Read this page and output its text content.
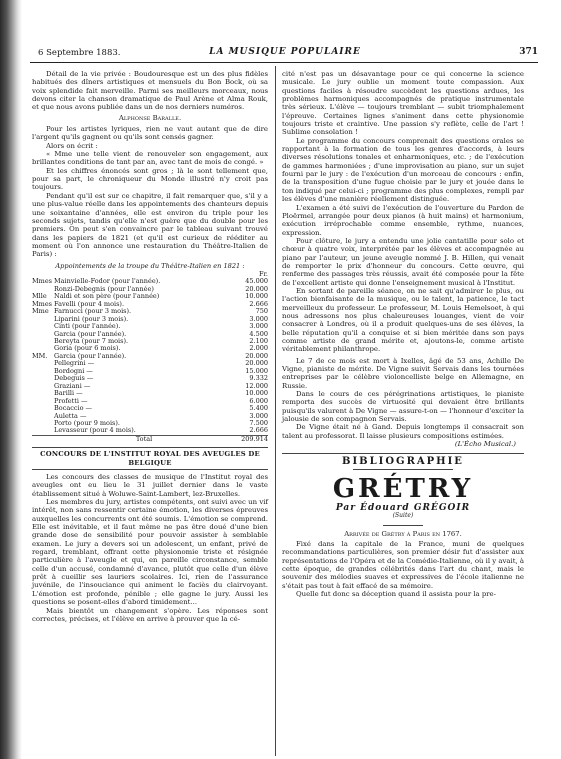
6 Septembre 1883.	LA MUSIQUE POPULAIRE	371

Détail de la vie privée : Boudouresque est un des plus fidèles habitués des dîners artistiques et mensuels du Bon Bock, où sa voix splendide fait merveille. Parmi ses meilleurs morceaux, nous devons citer la chanson dramatique de Paul Arène et Alma Rouk, et que nous avons publiée dans un de nos derniers numéros.

Alphonse Baralle.

Pour les artistes lyriques, rien ne vaut autant que de dire l'argent qu'ils gagnent ou qu'ils sont censés gagner.

Alors on écrit :

« Mme une telle vient de renouveler son engagement, aux brillantes conditions de tant par an, avec tant de mois de congé. »

Et les chiffres énoncés sont gros ; là le sont tellement que, pour sa part, le chroniqueur du Monde illustré n'y croit pas toujours.

Pendant qu'il est sur ce chapitre, il fait remarquer que, s'il y a une plus-value réelle dans les appointements des chanteurs depuis une soixantaine d'années, elle est environ du triple pour les seconds sujets, tandis qu'elle n'est guère que du double pour les premiers. On peut s'en convaincre par le tableau suivant trouvé dans les papiers de 1821 (et qu'il est curieux de rééditer au moment où l'on annonce une restauration du Théâtre-Italien de Paris) :

Appointements de la troupe du Théâtre-Italien en 1821 :

		Fr.
Mmes	Mainvielle-Fodor (pour l'année).	45.000
	Ronzi-Debegnis (pour l'année)	20.000
Mlle	Naldi et son père (pour l'année)	10.000
Mmes	Favelli (pour 4 mois).	2.666
Mme	Farnucci (pour 3 mois).	750
	Liparini (pour 3 mois).	3.000
	Cinti (pour l'année).	3.000
	Garcia (pour l'année).	4.500
	Bereyta (pour 7 mois).	2.100
	Goria (pour 6 mois).	2.000
MM.	Garcia (pour l'année).	20.000
	Pellegrini —	20.000
	Bordogni —	15.000
	Debeguis —	9.332
	Graziani —	12.000
	Barilli —	10.000
	Profetti —	6.000
	Bocaccio —	5.400
	Auletta —	3.000
	Porto (pour 9 mois).	7.500
	Levasseur (pour 4 mois).	2.666
	Total	209.914

CONCOURS DE L'INSTITUT ROYAL DES AVEUGLES DE BELGIQUE

Les concours des classes de musique de l'Institut royal des aveugles ont eu lieu le 31 juillet dernier dans le vaste établissement situé à Woluwe-Saint-Lambert, lez-Bruxelles.

Les membres du jury, artistes compétents, ont suivi avec un vif intérêt, non sans ressentir certaine émotion, les diverses épreuves auxquelles les concurrents ont été soumis. L'émotion se comprend. Elle est inévitable, et il faut même ne pas être doué d'une bien grande dose de sensibilité pour pouvoir assister à semblable examen. Le jury a devers soi un adolescent, un enfant, privé de regard, tremblant, offrant cette physionomie triste et résignée particulière à l'aveugle et qui, en pareille circonstance, semble celle d'un accusé, condamné d'avance, plutôt que celle d'un élève prêt à cueillir ses lauriers scolaires. Ici, rien de l'assurance juvénile, de l'insouciance qui animent le faciès du clairvoyant. L'émotion est profonde, pénible ; elle gagne le jury. Aussi les questions se posent-elles d'abord timidement...

Mais bientôt un changement s'opère. Les réponses sont correctes, précises, et l'élève en arrive à prouver que la cé-

cité n'est pas un désavantage pour ce qui concerne la science musicale. Le jury oublie un moment toute compassion. Aux questions faciles à résoudre succèdent les questions ardues, les problèmes harmoniques accompagnés de pratique instrumentale très sérieux. L'élève — toujours tremblant — subit triomphalement l'épreuve. Certaines lignes s'animent dans cette physionomie toujours triste et craintive. Une passion s'y reflète, celle de l'art ! Sublime consolation !

Le programme du concours comprenait des questions orales se rapportant à la formation de tous les genres d'accords, à leurs diverses résolutions tonales et enharmoniques, etc. ; de l'exécution de gammes harmoniées ; d'une improvisation au piano, sur un sujet fourni par le jury : de l'exécution d'un morceau de concours : enfin, de la transposition d'une fugue choisie par le jury et jouée dans le ton indiqué par celui-ci ; programme des plus complexes, rempli par les élèves d'une manière réellement distinguée.

L'examen a été suivi de l'exécution de l'ouverture du Pardon de Ploërmel, arrangée pour deux pianos (à huit mains) et harmonium, exécution irréprochable comme ensemble, rythme, nuances, expression.

Pour clôture, le jury a entendu une jolie cantatille pour solo et chœur à quatre voix, interprétée par les élèves et accompagnée au piano par l'auteur, un jeune aveugle nommé J. B. Hillen, qui venait de remporter le prix d'honneur du concours. Cette œuvre, qui renferme des passages très réussis, avait été composée pour la fête de l'excellent artiste qui donne l'enseignement musical à l'Institut.

En sortant de pareille séance, on ne sait qu'admirer le plus, ou l'action bienfaisante de la musique, ou le talent, la patience, le tact merveilleux du professeur. Le professeur, M. Louis Hemelsoet, à qui nous adressons nos plus chaleureuses louanges, vient de voir consacrer à Londres, où il a produit quelques-uns de ses élèves, la belle réputation qu'il a conquise et si bien méritée dans son pays comme artiste de grand mérite et, ajoutons-le, comme artiste véritablement philanthrope.

Le 7 de ce mois est mort à Ixelles, âgé de 53 ans, Achille De Vigne, pianiste de mérite. De Vigne suivit Servais dans les tournées entreprises par le célèbre violoncelliste belge en Allemagne, en Russie.

Dans le cours de ces pérégrinations artistiques, le pianiste remporta des succès de virtuosité qui devaient être brillants puisqu'ils valurent à De Vigne — assure-t-on — l'honneur d'exciter la jalousie de son compagnon Servais.

De Vigne était né à Gand. Depuis longtemps il consacrait son talent au professorat. Il laisse plusieurs compositions estimées.

(L'Écho Musical.)

BIBLIOGRAPHIE

GRÉTRY

Par Édouard GRÉGOIR

(Suite)

Arrivée de Grétry à Paris en 1767.

Fixé dans la capitale de la France, muni de quelques recommandations particulières, son premier désir fut d'assister aux représentations de l'Opéra et de la Comédie-Italienne, où il y avait, à cette époque, de grandes célébrités dans l'art du chant, mais le souvenir des mélodies suaves et expressives de l'école italienne ne s'était pas tout à fait effacé de sa mémoire.

Quelle fut donc sa déception quand il assista pour la pre-
